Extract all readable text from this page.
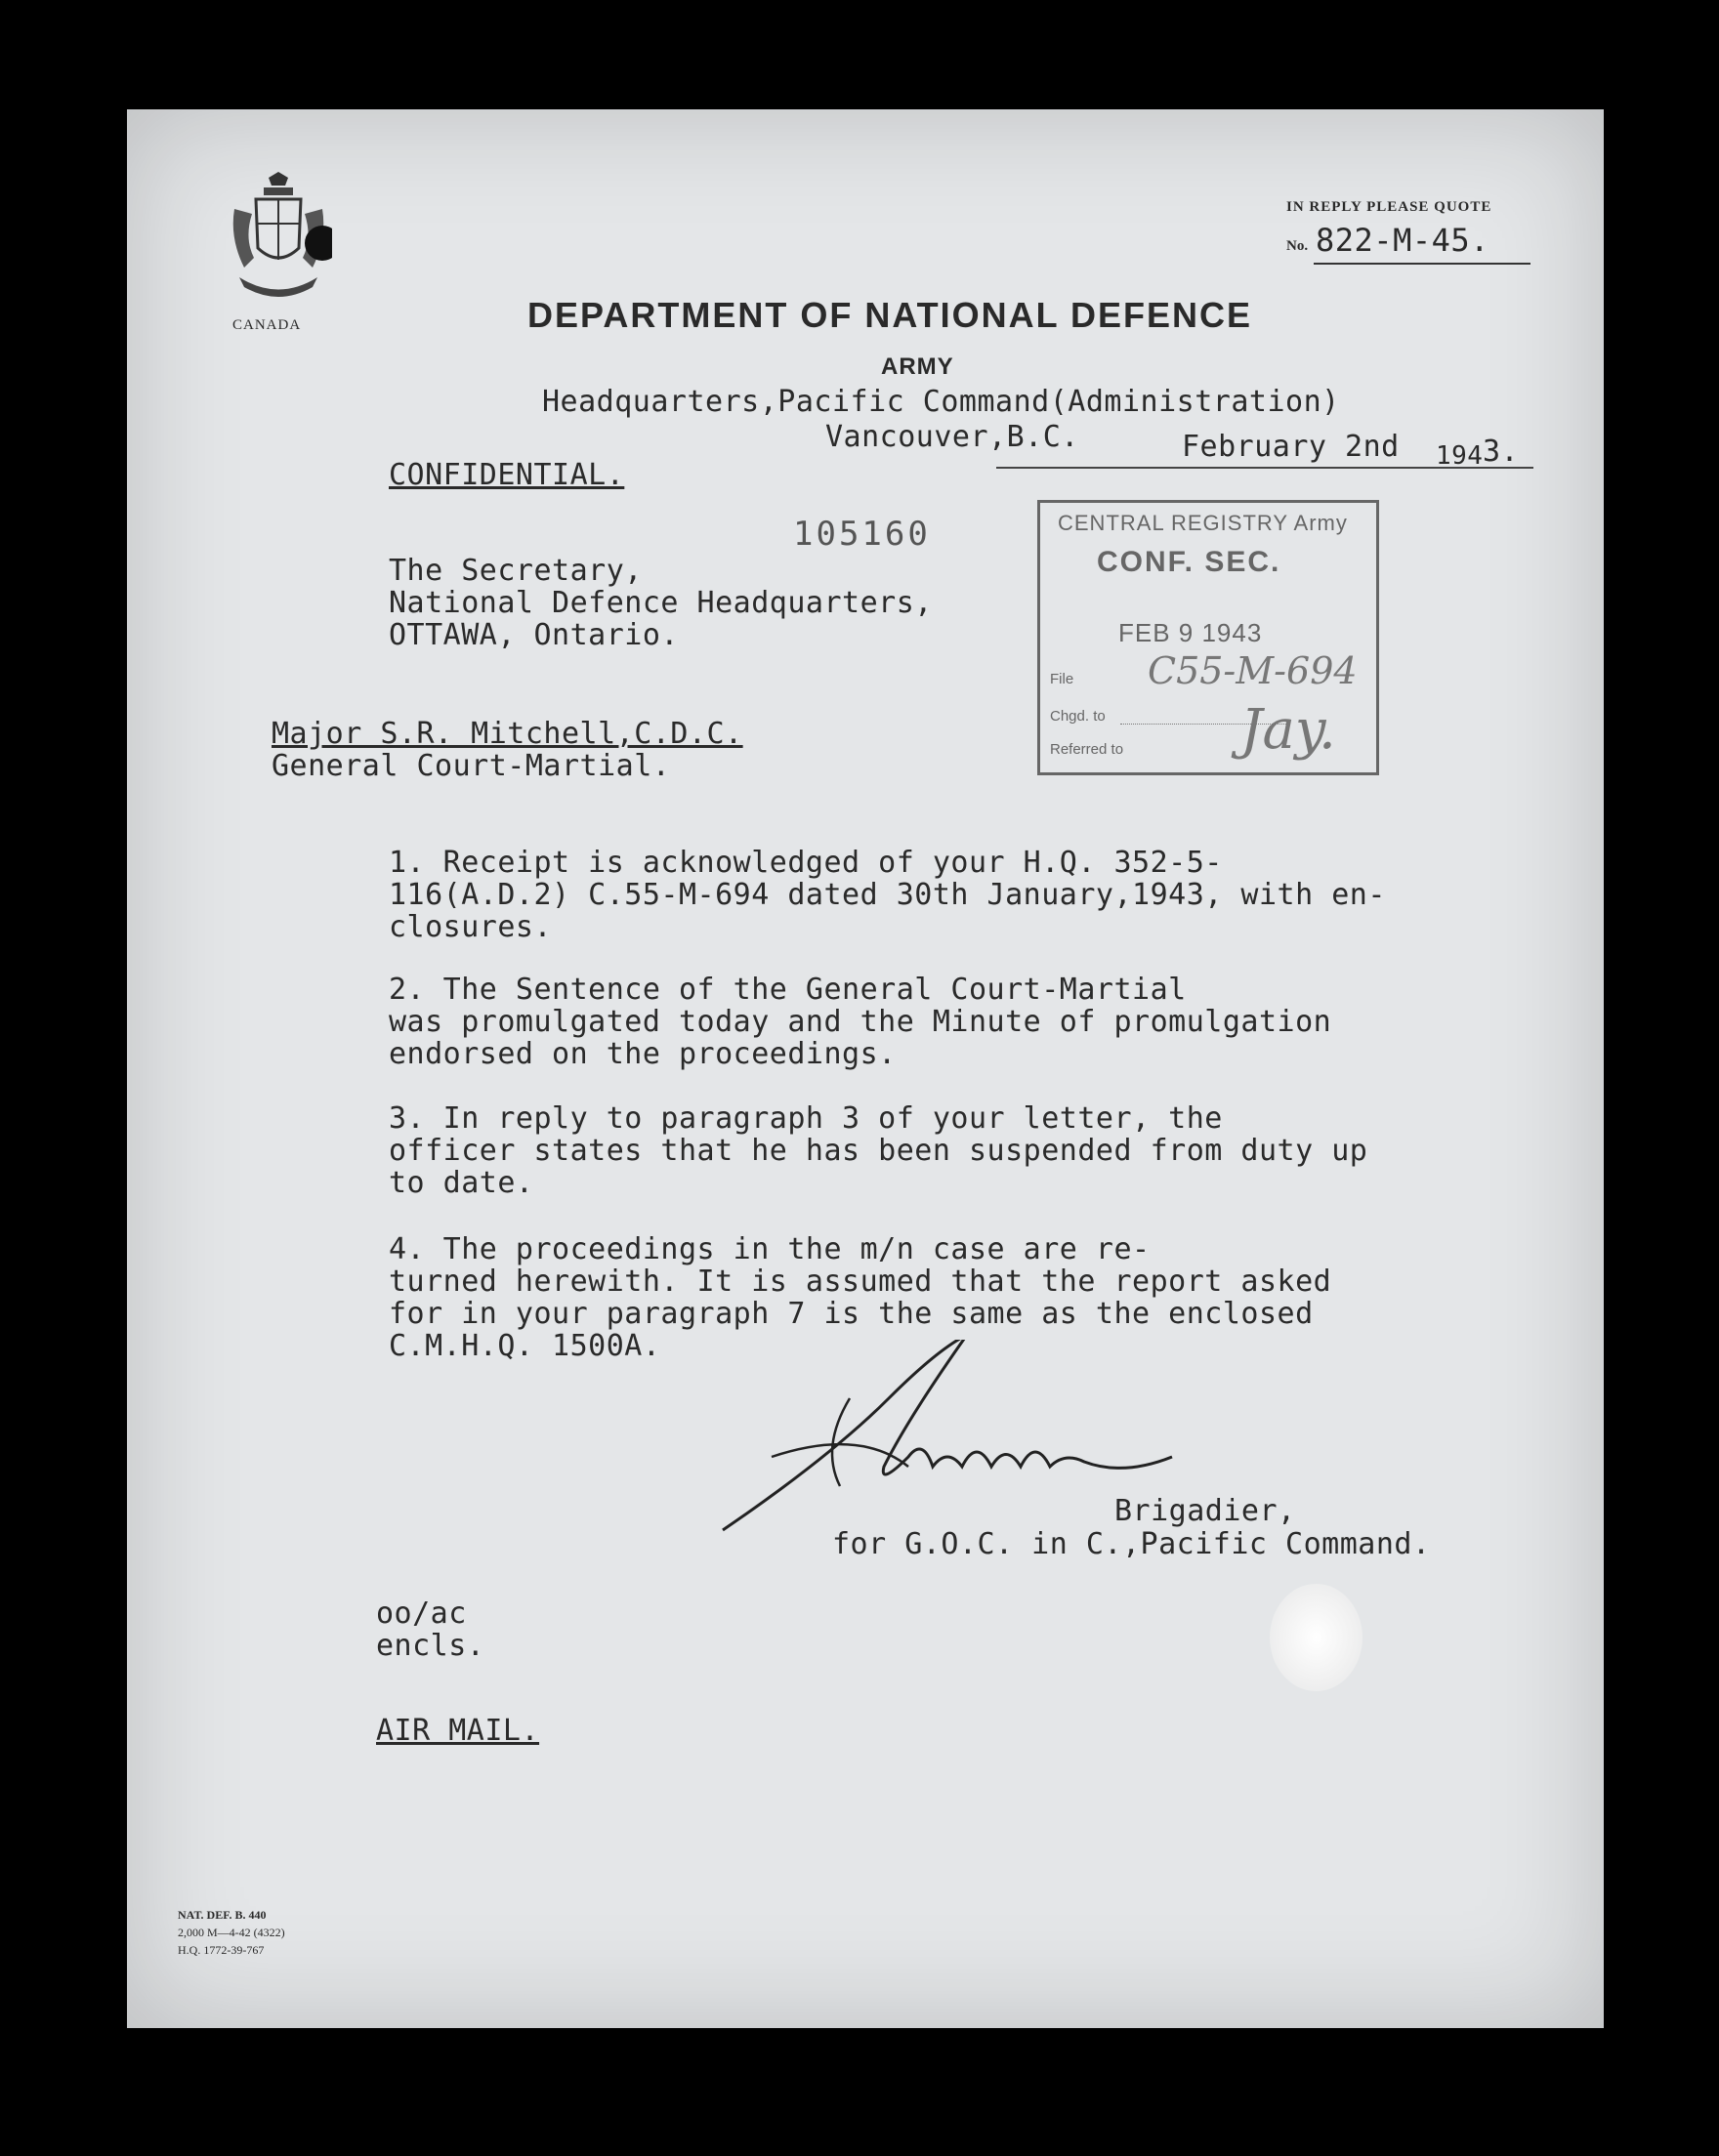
CANADA
IN REPLY PLEASE QUOTE
No. 822-M-45.
DEPARTMENT OF NATIONAL DEFENCE
ARMY
Headquarters,Pacific Command(Administration)
Vancouver,B.C.	February 2nd 194 3.
CONFIDENTIAL.
105160	CENTRAL REGISTRY Army
CONF. SEC.
FEB 9 1943
File C55-M-694
Chgd. to
Referred to Jay.
The Secretary,
National Defence Headquarters,
OTTAWA, Ontario.
Major S.R. Mitchell,C.D.C.
General Court-Martial.
1. Receipt is acknowledged of your H.Q. 352-5-
116(A.D.2) C.55-M-694 dated 30th January,1943, with en-
closures.
2. The Sentence of the General Court-Martial
was promulgated today and the Minute of promulgation
endorsed on the proceedings.
3. In reply to paragraph 3 of your letter, the
officer states that he has been suspended from duty up
to date.
4. The proceedings in the m/n case are re-
turned herewith. It is assumed that the report asked
for in your paragraph 7 is the same as the enclosed
C.M.H.Q. 1500A.
Brigadier,
for G.O.C. in C.,Pacific Command.
oo/ac
encls.
AIR MAIL.
NAT. DEF. B. 440
2,000 M—4-42 (4322)
H.Q. 1772-39-767
